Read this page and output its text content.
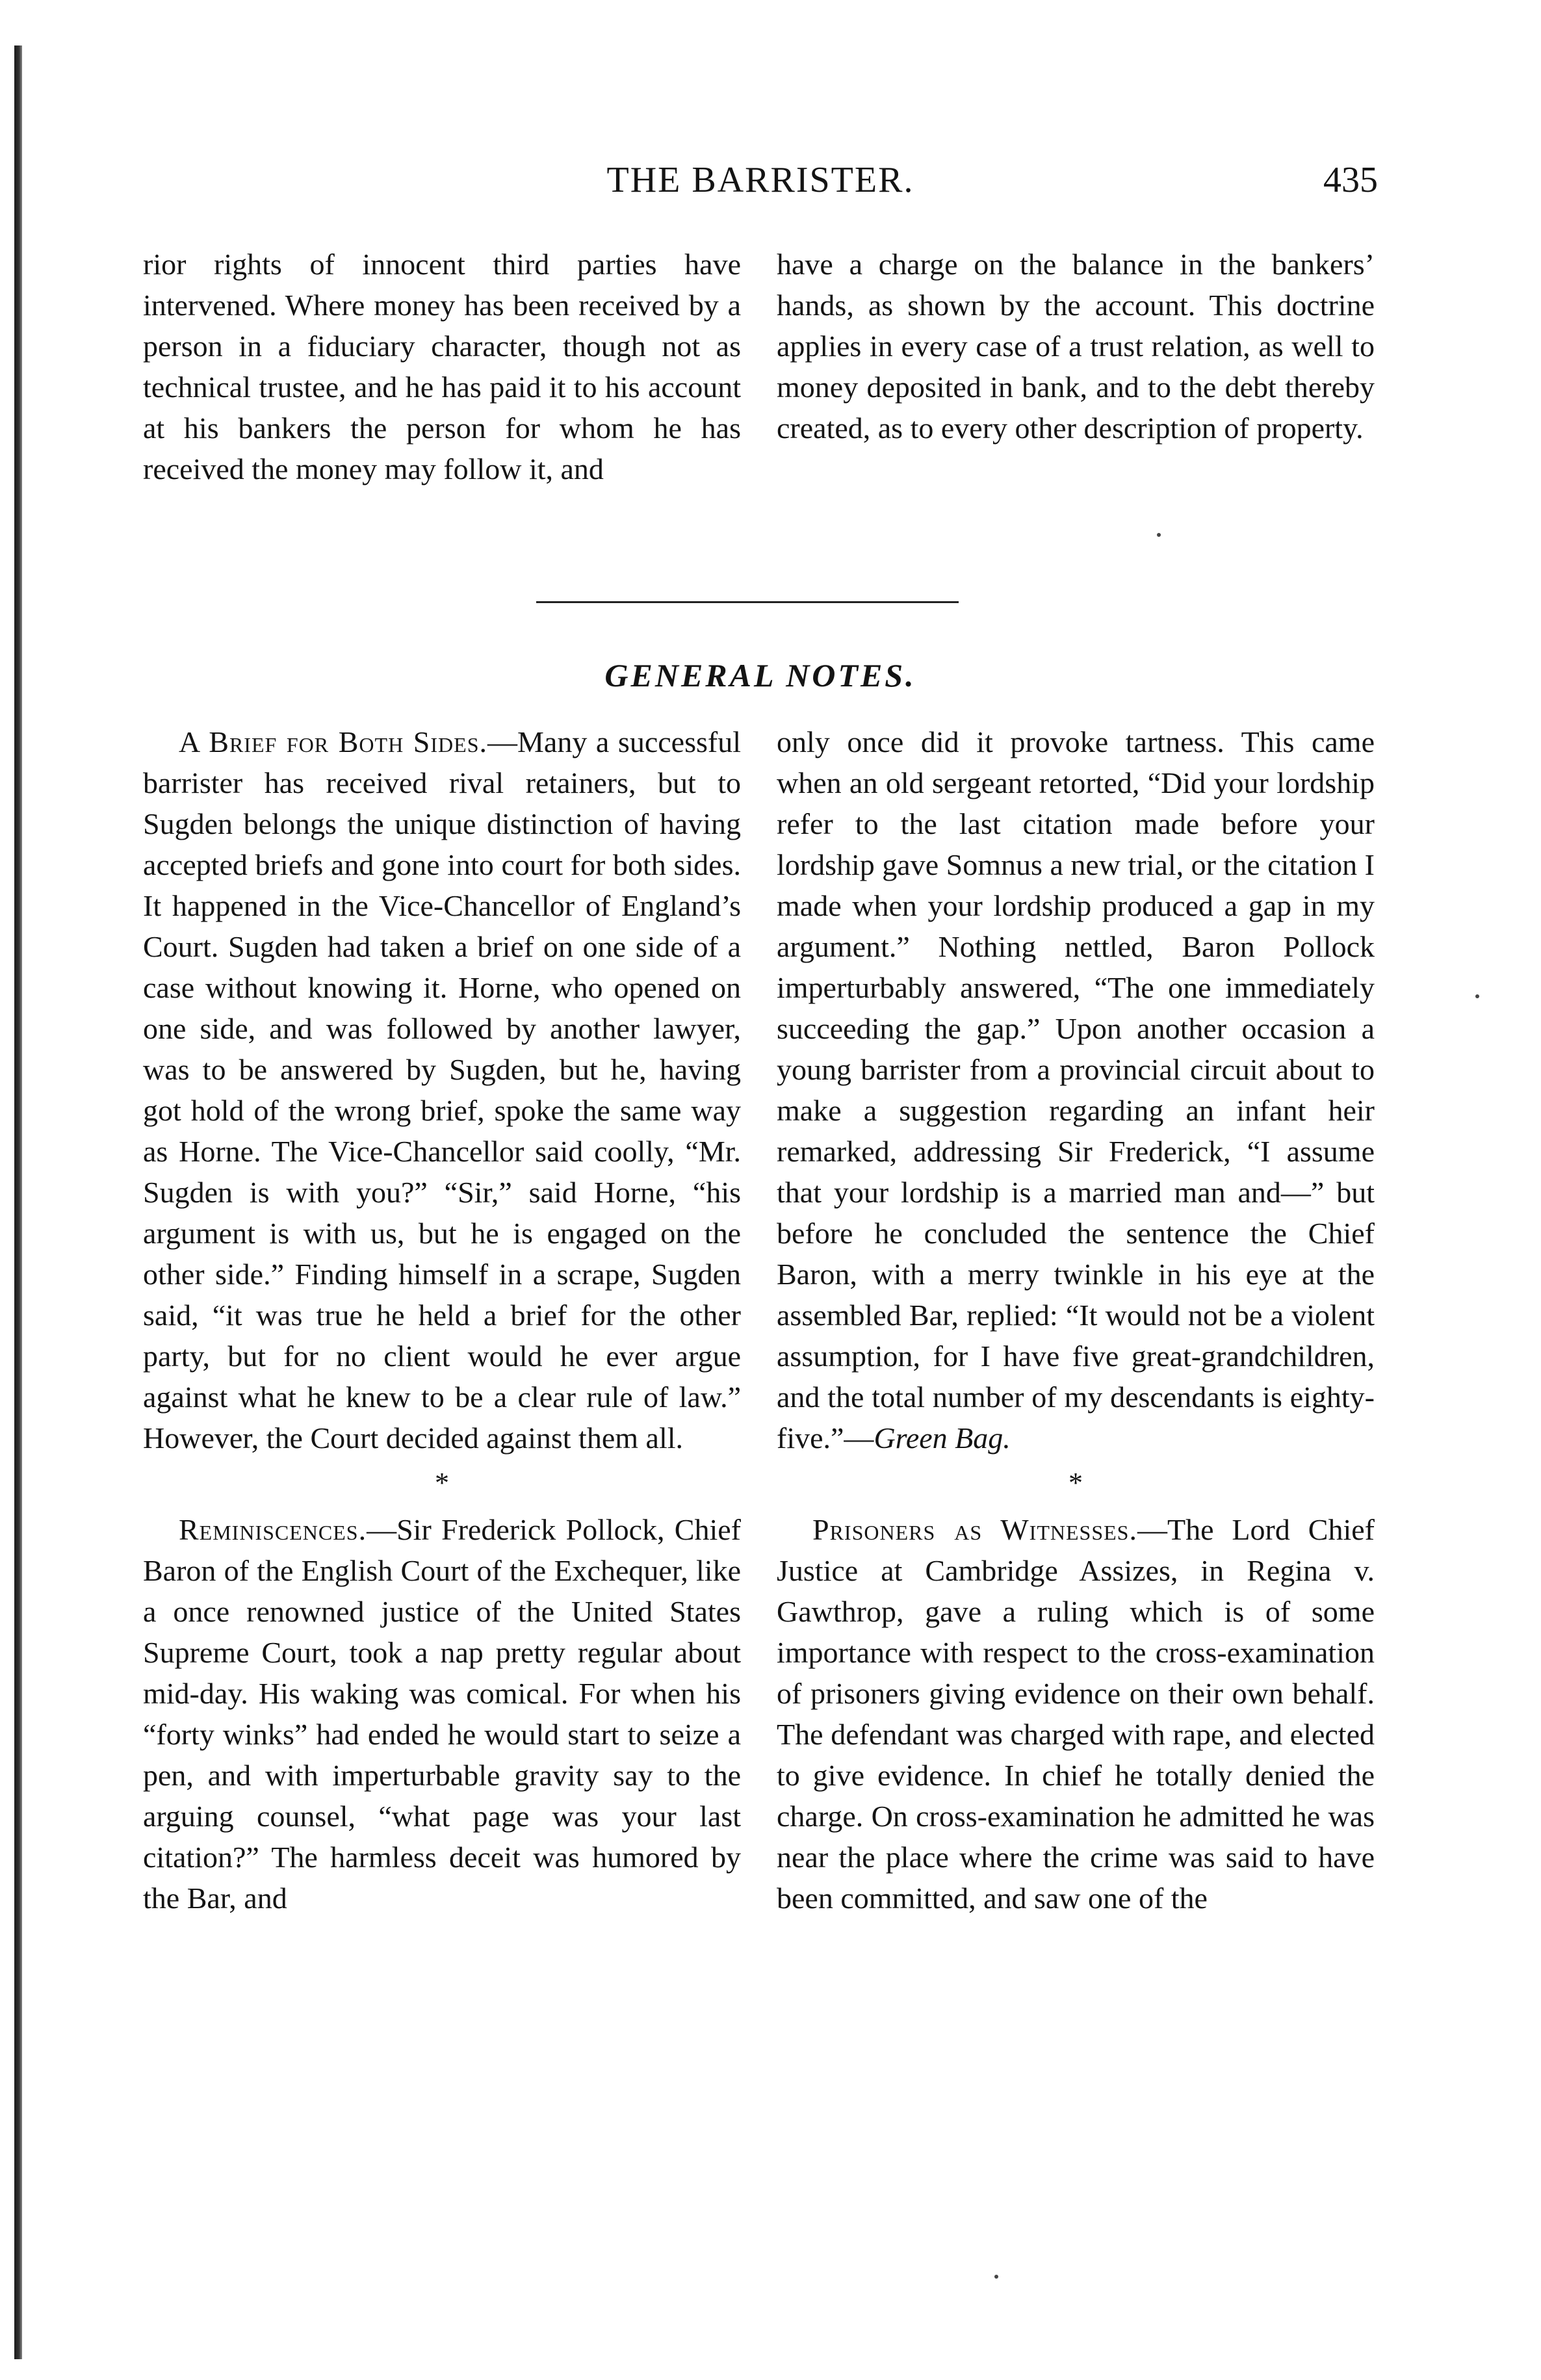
THE BARRISTER.	435

rior rights of innocent third parties have intervened. Where money has been received by a person in a fiduciary character, though not as technical trustee, and he has paid it to his account at his bankers the person for whom he has received the money may follow it, and

have a charge on the balance in the bankers’ hands, as shown by the account. This doctrine applies in every case of a trust relation, as well to money deposited in bank, and to the debt thereby created, as to every other description of property.

GENERAL NOTES.

A Brief for Both Sides.—Many a successful barrister has received rival retainers, but to Sugden belongs the unique distinction of having accepted briefs and gone into court for both sides. It happened in the Vice-Chancellor of England’s Court. Sugden had taken a brief on one side of a case without knowing it. Horne, who opened on one side, and was followed by another lawyer, was to be answered by Sugden, but he, having got hold of the wrong brief, spoke the same way as Horne. The Vice-Chancellor said coolly, “Mr. Sugden is with you?” “Sir,” said Horne, “his argument is with us, but he is engaged on the other side.” Finding himself in a scrape, Sugden said, “it was true he held a brief for the other party, but for no client would he ever argue against what he knew to be a clear rule of law.” However, the Court decided against them all.

*

Reminiscences.—Sir Frederick Pollock, Chief Baron of the English Court of the Exchequer, like a once renowned justice of the United States Supreme Court, took a nap pretty regular about mid-day. His waking was comical. For when his “forty winks” had ended he would start to seize a pen, and with imperturbable gravity say to the arguing counsel, “what page was your last citation?” The harmless deceit was humored by the Bar, and

only once did it provoke tartness. This came when an old sergeant retorted, “Did your lordship refer to the last citation made before your lordship gave Somnus a new trial, or the citation I made when your lordship produced a gap in my argument.” Nothing nettled, Baron Pollock imperturbably answered, “The one immediately succeeding the gap.” Upon another occasion a young barrister from a provincial circuit about to make a suggestion regarding an infant heir remarked, addressing Sir Frederick, “I assume that your lordship is a married man and—” but before he concluded the sentence the Chief Baron, with a merry twinkle in his eye at the assembled Bar, replied: “It would not be a violent assumption, for I have five great-grandchildren, and the total number of my descendants is eighty-five.”—Green Bag.

*

Prisoners as Witnesses.—The Lord Chief Justice at Cambridge Assizes, in Regina v. Gawthrop, gave a ruling which is of some importance with respect to the cross-examination of prisoners giving evidence on their own behalf. The defendant was charged with rape, and elected to give evidence. In chief he totally denied the charge. On cross-examination he admitted he was near the place where the crime was said to have been committed, and saw one of the
